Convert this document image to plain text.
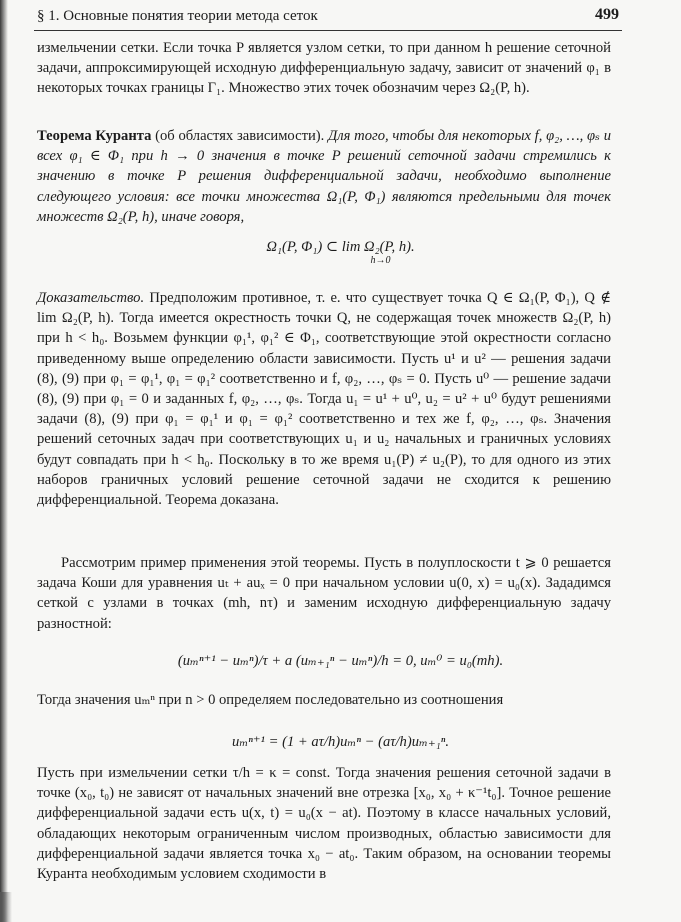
§ 1. Основные понятия теории метода сеток	499

измельчении сетки. Если точка P является узлом сетки, то при данном h решение сеточной задачи, аппроксимирующей исходную дифференциальную задачу, зависит от значений φ₁ в некоторых точках границы Γ₁. Множество этих точек обозначим через Ω₂(P, h).

Теорема Куранта (об областях зависимости). Для того, чтобы для некоторых f, φ₂, …, φₛ и всех φ₁ ∈ Φ₁ при h → 0 значения в точке P решений сеточной задачи стремились к значению в точке P решения дифференциальной задачи, необходимо выполнение следующего условия: все точки множества Ω₁(P, Φ₁) являются предельными для точек множеств Ω₂(P, h), иначе говоря,

Ω₁(P, Φ₁) ⊂ lim Ω₂(P, h).
h→0

Доказательство. Предположим противное, т. е. что существует точка Q ∈ Ω₁(P, Φ₁), Q ∉ lim Ω₂(P, h). Тогда имеется окрестность точки Q, не содержащая точек множеств Ω₂(P, h) при h < h₀. Возьмем функции φ₁¹, φ₁² ∈ Φ₁, соответствующие этой окрестности согласно приведенному выше определению области зависимости. Пусть u¹ и u² — решения задачи (8), (9) при φ₁ = φ₁¹, φ₁ = φ₁² соответственно и f, φ₂, …, φₛ = 0. Пусть u⁰ — решение задачи (8), (9) при φ₁ = 0 и заданных f, φ₂, …, φₛ. Тогда u₁ = u¹ + u⁰, u₂ = u² + u⁰ будут решениями задачи (8), (9) при φ₁ = φ₁¹ и φ₁ = φ₁² соответственно и тех же f, φ₂, …, φₛ. Значения решений сеточных задач при соответствующих u₁ и u₂ начальных и граничных условиях будут совпадать при h < h₀. Поскольку в то же время u₁(P) ≠ u₂(P), то для одного из этих наборов граничных условий решение сеточной задачи не сходится к решению дифференциальной. Теорема доказана.

Рассмотрим пример применения этой теоремы. Пусть в полуплоскости t ⩾ 0 решается задача Коши для уравнения uₜ + auₓ = 0 при начальном условии u(0, x) = u₀(x). Зададимся сеткой с узлами в точках (mh, nτ) и заменим исходную дифференциальную задачу разностной:

(uₘⁿ⁺¹ − uₘⁿ)/τ + a (uₘ₊₁ⁿ − uₘⁿ)/h = 0, uₘ⁰ = u₀(mh).

Тогда значения uₘⁿ при n > 0 определяем последовательно из соотношения

uₘⁿ⁺¹ = (1 + aτ/h)uₘⁿ − (aτ/h)uₘ₊₁ⁿ.

Пусть при измельчении сетки τ/h = κ = const. Тогда значения решения сеточной задачи в точке (x₀, t₀) не зависят от начальных значений вне отрезка [x₀, x₀ + κ⁻¹t₀]. Точное решение дифференциальной задачи есть u(x, t) = u₀(x − at). Поэтому в классе начальных условий, обладающих некоторым ограниченным числом производных, областью зависимости для дифференциальной задачи является точка x₀ − at₀. Таким образом, на основании теоремы Куранта необходимым условием сходимости в
